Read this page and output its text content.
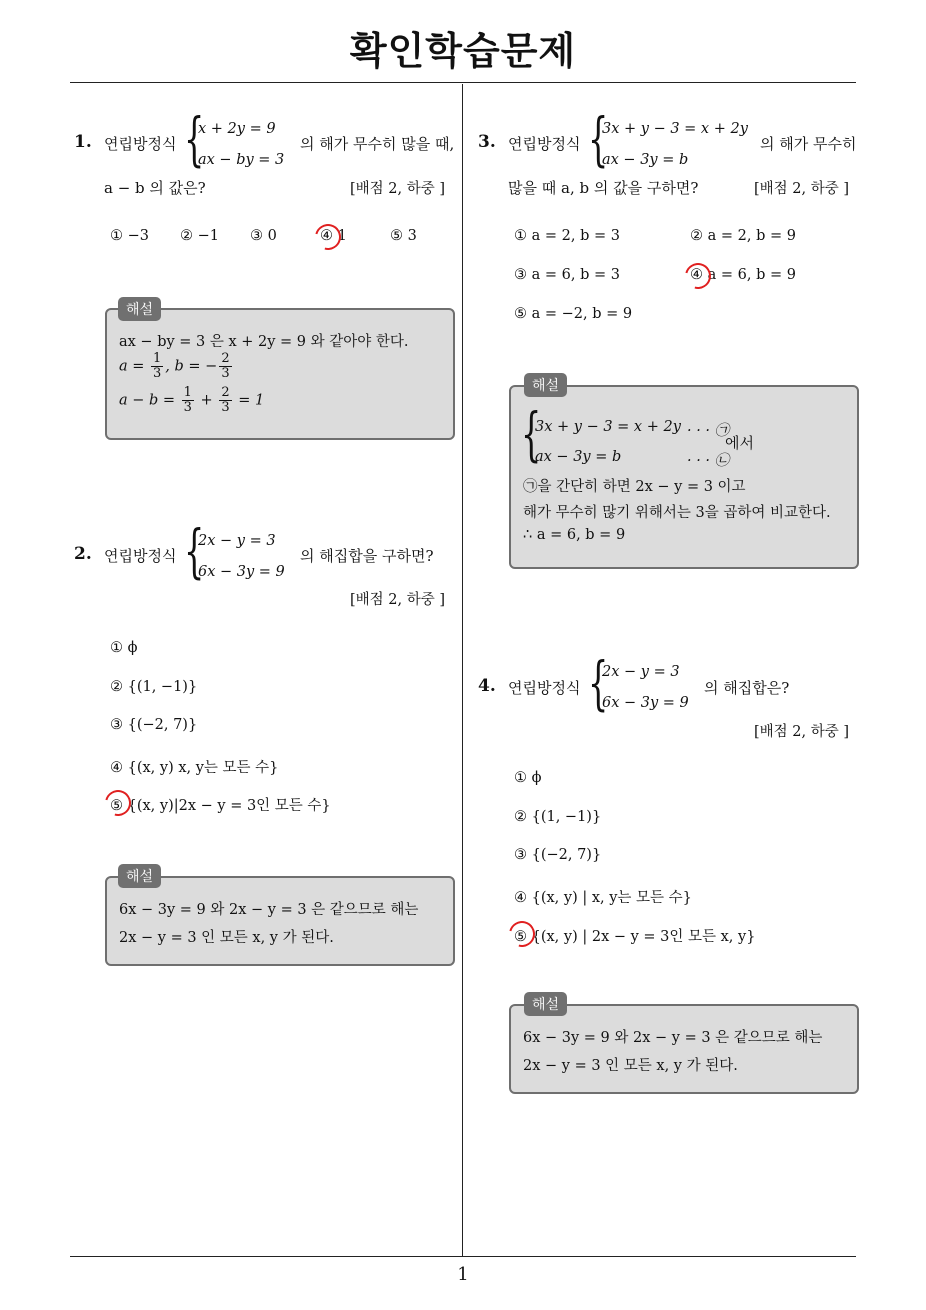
확인학습문제
1
1. 연립방정식 {
x + 2y = 9
ax − by = 3
의 해가 무수히 많을 때,
a − b 의 값은?	[배점 2, 하중 ]
① −3 ② −1 ③ 0	④ 1	⑤ 3
ax − by = 3 은 x + 2y = 9 와 같아야 한다.
$a = \frac{1}{3}$ , b = − $\frac{2}{3}$
$a - b = \frac{1}{3} + \frac{2}{3} = 1$
해설
2. 연립방정식 {
2x − y = 3
6x − 3y = 9
의 해집합을 구하면?
[배점 2, 하중 ]
① ϕ
② {(1, −1)}
③ {(−2, 7)}
④ {(x, y) x, y는 모든 수}
⑤ {(x, y)|2x − y = 3인 모든 수}
6x − 3y = 9 와 2x − y = 3 은 같으므로 해는
2x − y = 3 인 모든 x, y 가 된다.
해설
3. 연립방정식 {
3x + y − 3 = x + 2y
ax − 3y = b
의 해가 무수히
많을 때 a, b 의 값을 구하면?	[배점 2, 하중 ]
① a = 2, b = 3	② a = 2, b = 9
③ a = 6, b = 3	④ a = 6, b = 9
⑤ a = −2, b = 9
{
3x + y − 3 = x + 2y · · · ㉠
ax − 3y = b	· · · ㉡
에서
㉠을 간단히 하면 2x − y = 3 이고
해가 무수히 많기 위해서는 3을 곱하여 비교한다.
∴ a = 6, b = 9
해설
4. 연립방정식 {
2x − y = 3
6x − 3y = 9
의 해집합은?
[배점 2, 하중 ]
① ϕ
② {(1, −1)}
③ {(−2, 7)}
④ {(x, y) | x, y는 모든 수}
⑤ {(x, y) | 2x − y = 3인 모든 x, y}
6x − 3y = 9 와 2x − y = 3 은 같으므로 해는
2x − y = 3 인 모든 x, y 가 된다.
해설
